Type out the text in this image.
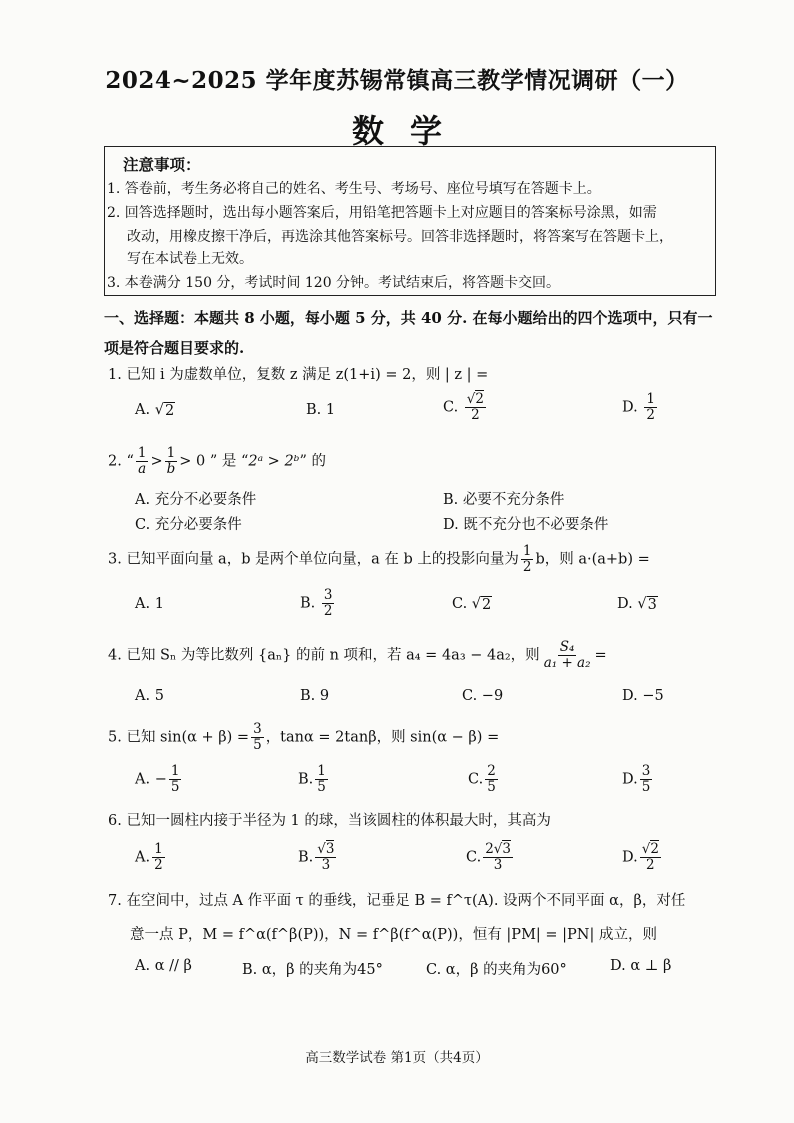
2024~2025 学年度苏锡常镇高三教学情况调研（一）
数学
注意事项：
1. 答卷前，考生务必将自己的姓名、考生号、考场号、座位号填写在答题卡上。
2. 回答选择题时，选出每小题答案后，用铅笔把答题卡上对应题目的答案标号涂黑，如需
改动，用橡皮擦干净后，再选涂其他答案标号。回答非选择题时，将答案写在答题卡上，
写在本试卷上无效。
3. 本卷满分 150 分，考试时间 120 分钟。考试结束后，将答题卡交回。
一、选择题：本题共 8 小题，每小题 5 分，共 40 分. 在每小题给出的四个选项中，只有一
项是符合题目要求的.
1. 已知 i 为虚数单位，复数 z 满足 z(1+i) = 2，则 | z | =
A. √ 2	B. 1	C. $\frac{√2}{2}$	D. $\frac{1}{2}$
2. “ $\frac{1}{a} > \frac{1}{b} > 0$ ” 是 “2ᵃ > 2ᵇ” 的
A. 充分不必要条件	B. 必要不充分条件
C. 充分必要条件	D. 既不充分也不必要条件
3. 已知平面向量 a，b 是两个单位向量，a 在 b 上的投影向量为 $\frac{1}{2}$ b，则 a·(a+b) =
A. 1	B. $\frac{3}{2}$	C. √ 2	D. √ 3
4. 已知 Sₙ 为等比数列 {aₙ} 的前 n 项和，若 a₄ = 4a₃ − 4a₂，则 $\frac{\text{S₄}}{\text{a₁ + a₂}}$ =
A. 5	B. 9	C. −9	D. −5
5. 已知 $\sin(\alpha + \beta) = \frac{3}{5}$ ，tanα = 2tanβ，则 sin(α − β) =
A. − $\frac{1}{5}$	B. $\frac{1}{5}$	C. $\frac{2}{5}$	D. $\frac{3}{5}$
6. 已知一圆柱内接于半径为 1 的球，当该圆柱的体积最大时，其高为
A. $\frac{1}{2}$	B. $\frac{√3}{3}$	C. $\frac{2√3}{3}$	D. $\frac{√2}{2}$
7. 在空间中，过点 A 作平面 τ 的垂线，记垂足 B = f^τ(A). 设两个不同平面 α，β，对任
意一点 P，M = f^α(f^β(P))，N = f^β(f^α(P))，恒有 |PM| = |PN| 成立，则
A. α // β	B. α，β 的夹角为45°	C. α，β 的夹角为60°	D. α ⊥ β
高三数学试卷 第1页（共4页）
